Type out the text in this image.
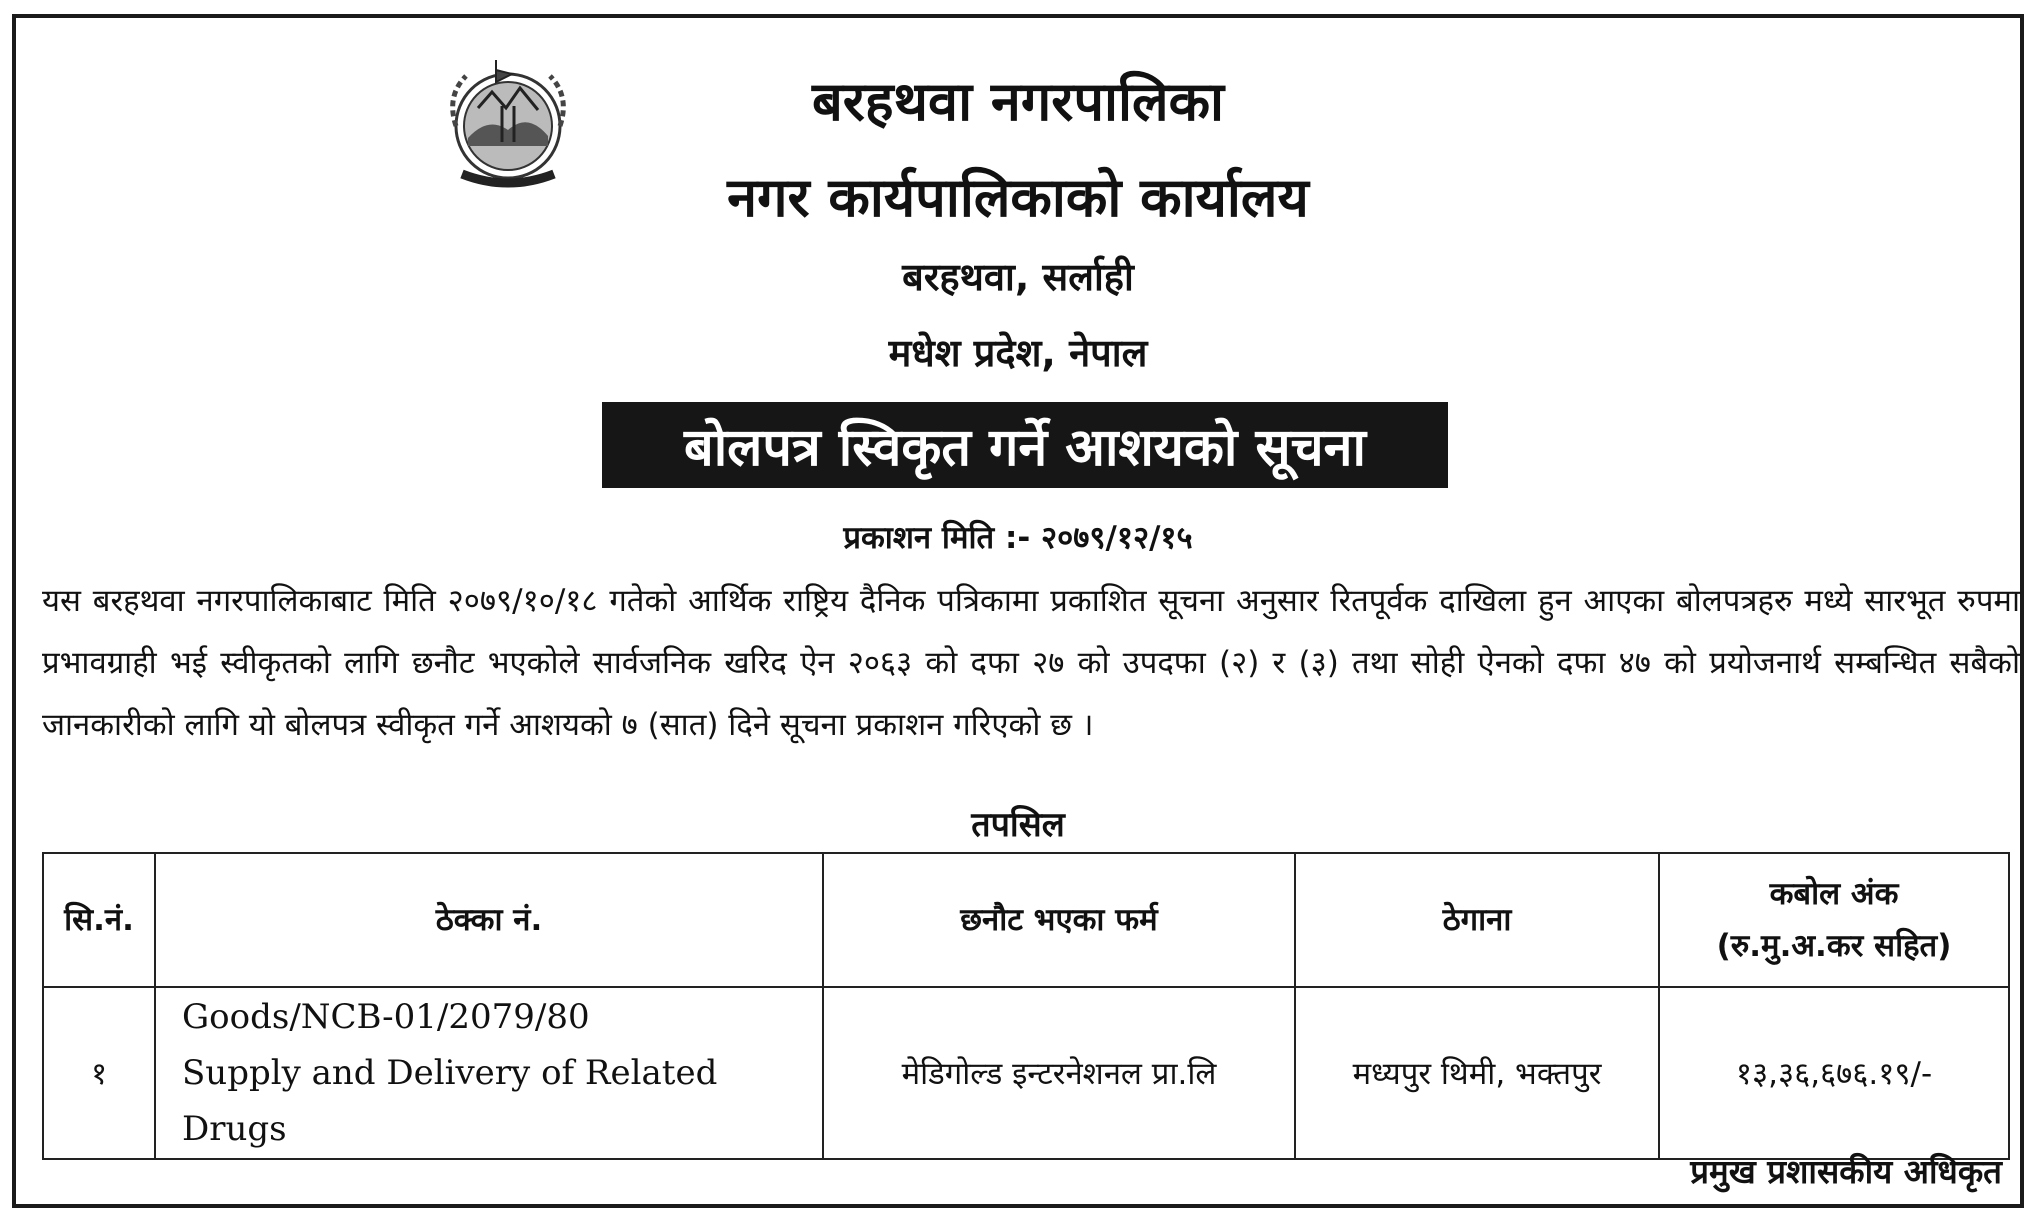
बरहथवा नगरपालिका
नगर कार्यपालिकाको कार्यालय
बरहथवा, सर्लाही
मधेश प्रदेश, नेपाल
बोलपत्र स्विकृत गर्ने आशयको सूचना
प्रकाशन मिति :- २०७९/१२/१५
यस बरहथवा नगरपालिकाबाट मिति २०७९/१०/१८ गतेको आर्थिक राष्ट्रिय दैनिक पत्रिकामा प्रकाशित सूचना अनुसार रितपूर्वक दाखिला हुन आएका बोलपत्रहरु मध्ये सारभूत रुपमा प्रभावग्राही भई स्वीकृतको लागि छनौट भएकोले सार्वजनिक खरिद ऐन २०६३ को दफा २७ को उपदफा (२) र (३) तथा सोही ऐनको दफा ४७ को प्रयोजनार्थ सम्बन्धित सबैको जानकारीको लागि यो बोलपत्र स्वीकृत गर्ने आशयको ७ (सात) दिने सूचना प्रकाशन गरिएको छ ।
तपसिल
सि.नं.	ठेक्का नं.	छनौट भएका फर्म	ठेगाना	कबोल अंक
(रु.मु.अ.कर सहित)

१	Goods/NCB-01/2079/80
Supply and Delivery of Related Drugs	मेडिगोल्ड इन्टरनेशनल प्रा.लि	मध्यपुर थिमी, भक्तपुर	१३,३६,६७६.१९/-
प्रमुख प्रशासकीय अधिकृत
